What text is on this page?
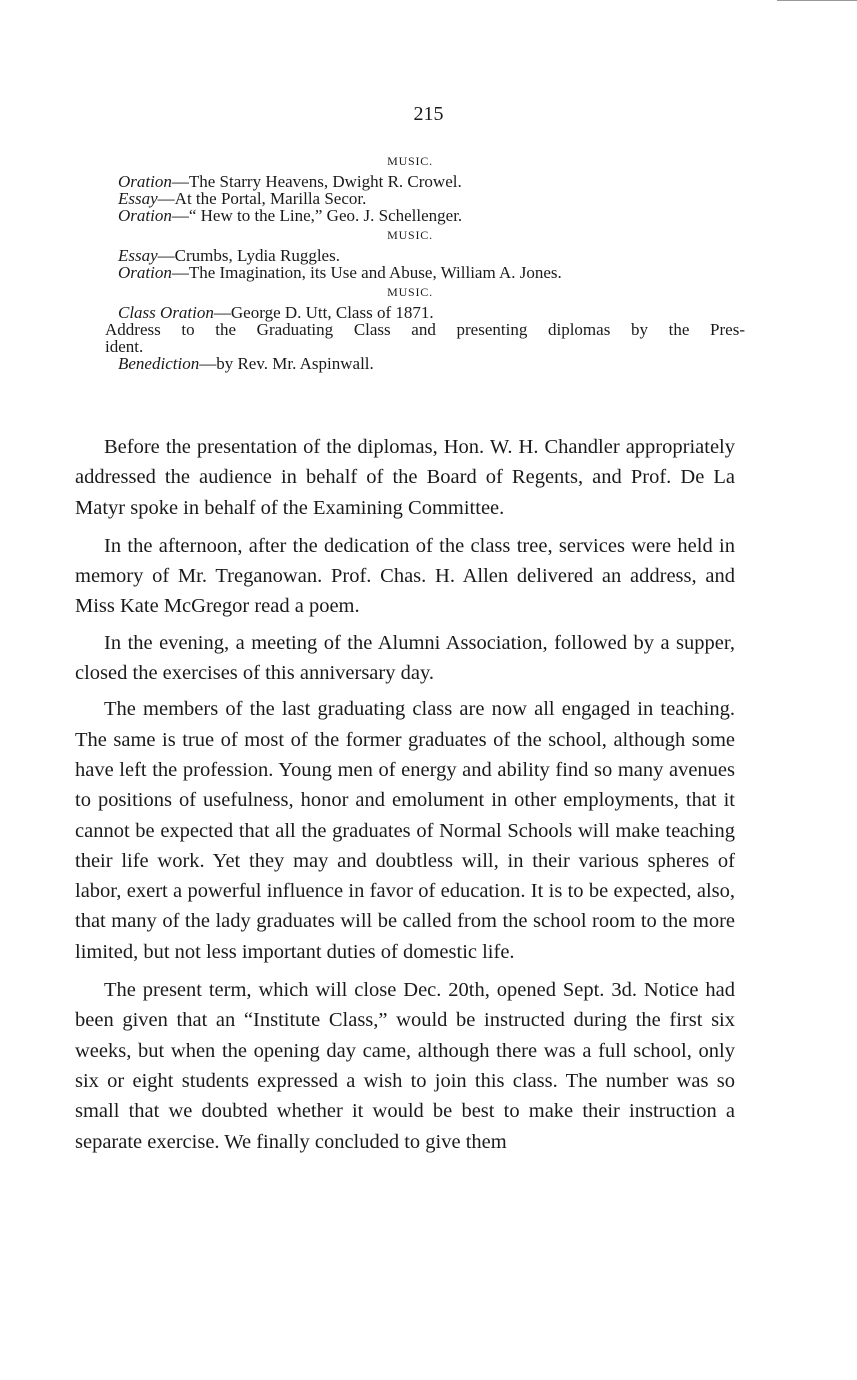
215
MUSIC.
Oration—The Starry Heavens, Dwight R. Crowel.
Essay—At the Portal, Marilla Secor.
Oration—“ Hew to the Line,” Geo. J. Schellenger.
MUSIC.
Essay—Crumbs, Lydia Ruggles.
Oration—The Imagination, its Use and Abuse, William A. Jones.
MUSIC.
Class Oration—George D. Utt, Class of 1871.
Address to the Graduating Class and presenting diplomas by the Pres-
ident.
Benediction—by Rev. Mr. Aspinwall.

Before the presentation of the diplomas, Hon. W. H. Chandler appropriately addressed the audience in behalf of the Board of Regents, and Prof. De La Matyr spoke in behalf of the Examining Committee.

In the afternoon, after the dedication of the class tree, services were held in memory of Mr. Treganowan. Prof. Chas. H. Allen delivered an address, and Miss Kate McGregor read a poem.

In the evening, a meeting of the Alumni Association, followed by a supper, closed the exercises of this anniversary day.

The members of the last graduating class are now all engaged in teaching. The same is true of most of the former graduates of the school, although some have left the profession. Young men of energy and ability find so many avenues to positions of usefulness, honor and emolument in other employments, that it cannot be expected that all the graduates of Normal Schools will make teaching their life work. Yet they may and doubtless will, in their various spheres of labor, exert a powerful influence in favor of education. It is to be expected, also, that many of the lady graduates will be called from the school room to the more limited, but not less important duties of domestic life.

The present term, which will close Dec. 20th, opened Sept. 3d. Notice had been given that an “Institute Class,” would be instructed during the first six weeks, but when the opening day came, although there was a full school, only six or eight students expressed a wish to join this class. The number was so small that we doubted whether it would be best to make their instruction a separate exercise. We finally concluded to give them
